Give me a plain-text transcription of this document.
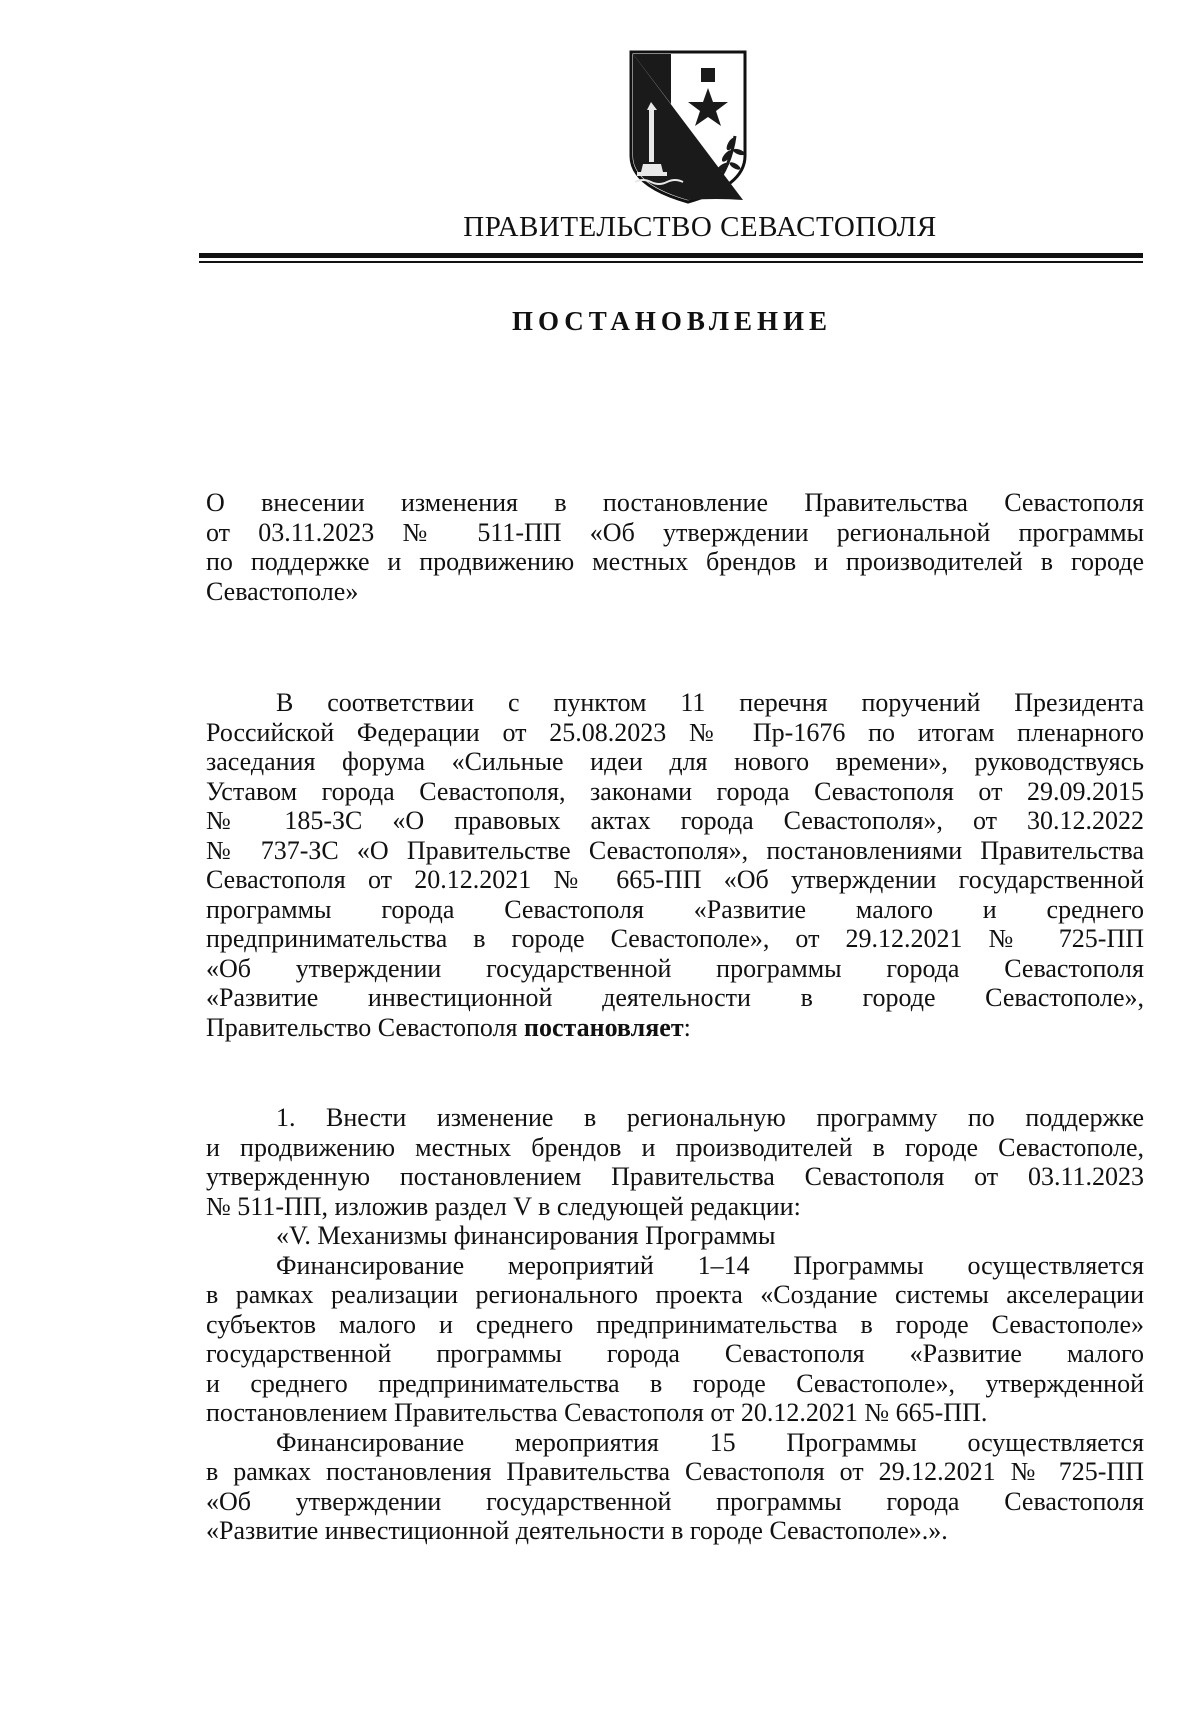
ПРАВИТЕЛЬСТВО СЕВАСТОПОЛЯ
ПОСТАНОВЛЕНИЕ
О внесении изменения в постановление Правительства Севастополя
от 03.11.2023 № 511-ПП «Об утверждении региональной программы
по поддержке и продвижению местных брендов и производителей в городе
Севастополе»
В соответствии с пунктом 11 перечня поручений Президента
Российской Федерации от 25.08.2023 № Пр-1676 по итогам пленарного
заседания форума «Сильные идеи для нового времени», руководствуясь
Уставом города Севастополя, законами города Севастополя от 29.09.2015
№ 185-ЗС «О правовых актах города Севастополя», от 30.12.2022
№ 737-ЗС «О Правительстве Севастополя», постановлениями Правительства
Севастополя от 20.12.2021 № 665-ПП «Об утверждении государственной
программы города Севастополя «Развитие малого и среднего
предпринимательства в городе Севастополе», от 29.12.2021 № 725-ПП
«Об утверждении государственной программы города Севастополя
«Развитие инвестиционной деятельности в городе Севастополе»,
Правительство Севастополя постановляет:
1. Внести изменение в региональную программу по поддержке
и продвижению местных брендов и производителей в городе Севастополе,
утвержденную постановлением Правительства Севастополя от 03.11.2023
№ 511-ПП, изложив раздел V в следующей редакции:
«V. Механизмы финансирования Программы
Финансирование мероприятий 1–14 Программы осуществляется
в рамках реализации регионального проекта «Создание системы акселерации
субъектов малого и среднего предпринимательства в городе Севастополе»
государственной программы города Севастополя «Развитие малого
и среднего предпринимательства в городе Севастополе», утвержденной
постановлением Правительства Севастополя от 20.12.2021 № 665-ПП.
Финансирование мероприятия 15 Программы осуществляется
в рамках постановления Правительства Севастополя от 29.12.2021 № 725-ПП
«Об утверждении государственной программы города Севастополя
«Развитие инвестиционной деятельности в городе Севастополе».».
